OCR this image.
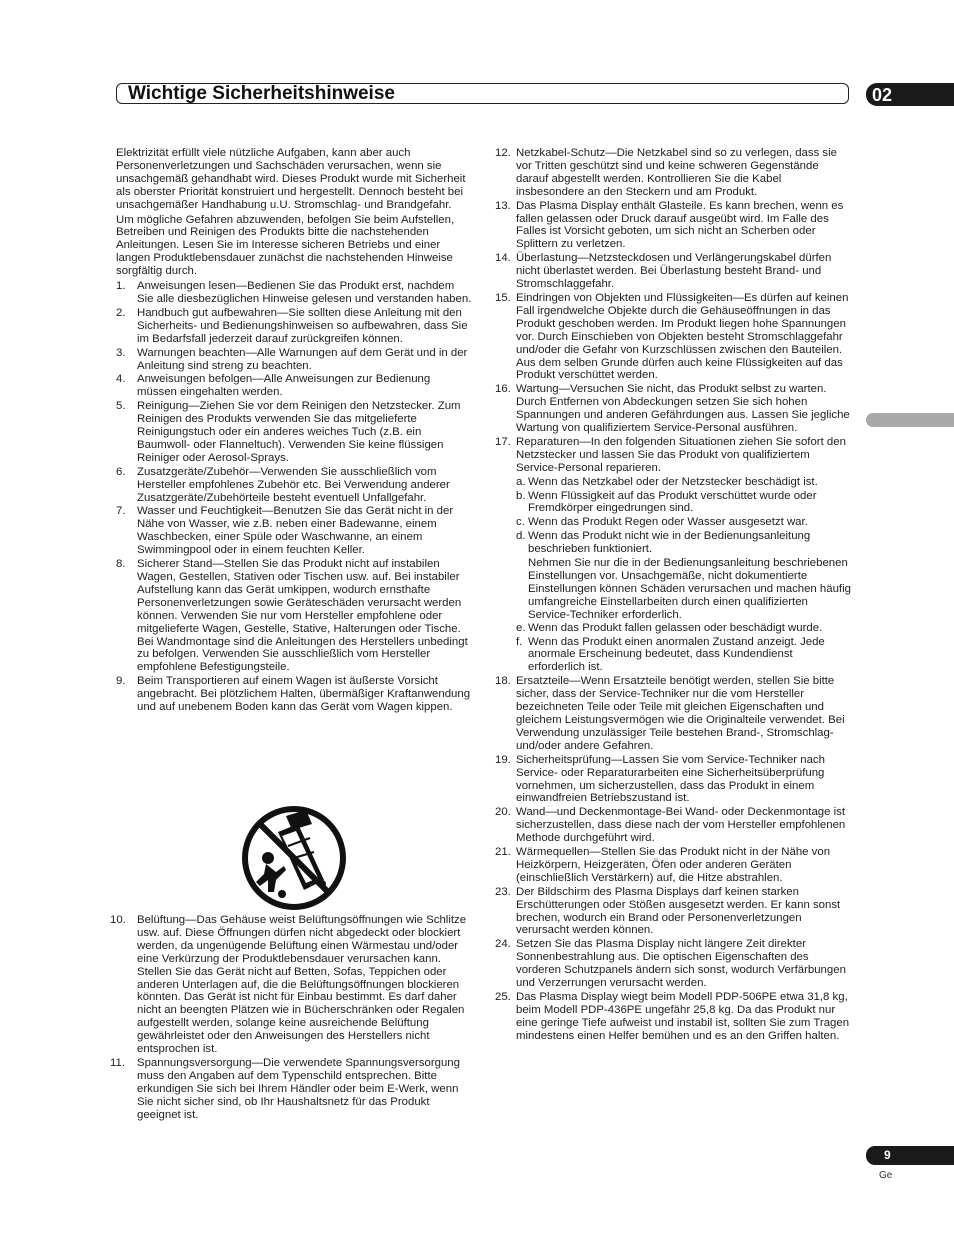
Wichtige Sicherheitshinweise	02

Elektrizität erfüllt viele nützliche Aufgaben, kann aber auch Personenverletzungen und Sachschäden verursachen, wenn sie unsachgemäß gehandhabt wird. Dieses Produkt wurde mit Sicherheit als oberster Priorität konstruiert und hergestellt. Dennoch besteht bei unsachgemäßer Handhabung u.U. Stromschlag- und Brandgefahr.

Um mögliche Gefahren abzuwenden, befolgen Sie beim Aufstellen, Betreiben und Reinigen des Produkts bitte die nachstehenden Anleitungen. Lesen Sie im Interesse sicheren Betriebs und einer langen Produktlebensdauer zunächst die nachstehenden Hinweise sorgfältig durch.

1. Anweisungen lesen—Bedienen Sie das Produkt erst, nachdem Sie alle diesbezüglichen Hinweise gelesen und verstanden haben.
2. Handbuch gut aufbewahren—Sie sollten diese Anleitung mit den Sicherheits- und Bedienungshinweisen so aufbewahren, dass Sie im Bedarfsfall jederzeit darauf zurückgreifen können.
3. Warnungen beachten—Alle Warnungen auf dem Gerät und in der Anleitung sind streng zu beachten.
4. Anweisungen befolgen—Alle Anweisungen zur Bedienung müssen eingehalten werden.
5. Reinigung—Ziehen Sie vor dem Reinigen den Netzstecker. Zum Reinigen des Produkts verwenden Sie das mitgelieferte Reinigungstuch oder ein anderes weiches Tuch (z.B. ein Baumwoll- oder Flanneltuch). Verwenden Sie keine flüssigen Reiniger oder Aerosol-Sprays.
6. Zusatzgeräte/Zubehör—Verwenden Sie ausschließlich vom Hersteller empfohlenes Zubehör etc. Bei Verwendung anderer Zusatzgeräte/Zubehörteile besteht eventuell Unfallgefahr.
7. Wasser und Feuchtigkeit—Benutzen Sie das Gerät nicht in der Nähe von Wasser, wie z.B. neben einer Badewanne, einem Waschbecken, einer Spüle oder Waschwanne, an einem Swimmingpool oder in einem feuchten Keller.
8. Sicherer Stand—Stellen Sie das Produkt nicht auf instabilen Wagen, Gestellen, Stativen oder Tischen usw. auf. Bei instabiler Aufstellung kann das Gerät umkippen, wodurch ernsthafte Personenverletzungen sowie Geräteschäden verursacht werden können. Verwenden Sie nur vom Hersteller empfohlene oder mitgelieferte Wagen, Gestelle, Stative, Halterungen oder Tische. Bei Wandmontage sind die Anleitungen des Herstellers unbedingt zu befolgen. Verwenden Sie ausschließlich vom Hersteller empfohlene Befestigungsteile.
9. Beim Transportieren auf einem Wagen ist äußerste Vorsicht angebracht. Bei plötzlichem Halten, übermäßiger Kraftanwendung und auf unebenem Boden kann das Gerät vom Wagen kippen.
10. Belüftung—Das Gehäuse weist Belüftungsöffnungen wie Schlitze usw. auf. Diese Öffnungen dürfen nicht abgedeckt oder blockiert werden, da ungenügende Belüftung einen Wärmestau und/oder eine Verkürzung der Produktlebensdauer verursachen kann. Stellen Sie das Gerät nicht auf Betten, Sofas, Teppichen oder anderen Unterlagen auf, die die Belüftungsöffnungen blockieren könnten. Das Gerät ist nicht für Einbau bestimmt. Es darf daher nicht an beengten Plätzen wie in Bücherschränken oder Regalen aufgestellt werden, solange keine ausreichende Belüftung gewährleistet oder den Anweisungen des Herstellers nicht entsprochen ist.
11. Spannungsversorgung—Die verwendete Spannungsversorgung muss den Angaben auf dem Typenschild entsprechen. Bitte erkundigen Sie sich bei Ihrem Händler oder beim E-Werk, wenn Sie nicht sicher sind, ob Ihr Haushaltsnetz für das Produkt geeignet ist.
12. Netzkabel-Schutz—Die Netzkabel sind so zu verlegen, dass sie vor Tritten geschützt sind und keine schweren Gegenstände darauf abgestellt werden. Kontrollieren Sie die Kabel insbesondere an den Steckern und am Produkt.
13. Das Plasma Display enthält Glasteile. Es kann brechen, wenn es fallen gelassen oder Druck darauf ausgeübt wird. Im Falle des Falles ist Vorsicht geboten, um sich nicht an Scherben oder Splittern zu verletzen.
14. Überlastung—Netzsteckdosen und Verlängerungskabel dürfen nicht überlastet werden. Bei Überlastung besteht Brand- und Stromschlaggefahr.
15. Eindringen von Objekten und Flüssigkeiten—Es dürfen auf keinen Fall irgendwelche Objekte durch die Gehäuseöffnungen in das Produkt geschoben werden. Im Produkt liegen hohe Spannungen vor. Durch Einschieben von Objekten besteht Stromschlaggefahr und/oder die Gefahr von Kurzschlüssen zwischen den Bauteilen. Aus dem selben Grunde dürfen auch keine Flüssigkeiten auf das Produkt verschüttet werden.
16. Wartung—Versuchen Sie nicht, das Produkt selbst zu warten. Durch Entfernen von Abdeckungen setzen Sie sich hohen Spannungen und anderen Gefährdungen aus. Lassen Sie jegliche Wartung von qualifiziertem Service-Personal ausführen.
17. Reparaturen—In den folgenden Situationen ziehen Sie sofort den Netzstecker und lassen Sie das Produkt von qualifiziertem Service-Personal reparieren.
a. Wenn das Netzkabel oder der Netzstecker beschädigt ist.
b. Wenn Flüssigkeit auf das Produkt verschüttet wurde oder Fremdkörper eingedrungen sind.
c. Wenn das Produkt Regen oder Wasser ausgesetzt war.
d. Wenn das Produkt nicht wie in der Bedienungsanleitung beschrieben funktioniert.
Nehmen Sie nur die in der Bedienungsanleitung beschriebenen Einstellungen vor. Unsachgemäße, nicht dokumentierte Einstellungen können Schäden verursachen und machen häufig umfangreiche Einstellarbeiten durch einen qualifizierten Service-Techniker erforderlich.
e. Wenn das Produkt fallen gelassen oder beschädigt wurde.
f. Wenn das Produkt einen anormalen Zustand anzeigt. Jede anormale Erscheinung bedeutet, dass Kundendienst erforderlich ist.
18. Ersatzteile—Wenn Ersatzteile benötigt werden, stellen Sie bitte sicher, dass der Service-Techniker nur die vom Hersteller bezeichneten Teile oder Teile mit gleichen Eigenschaften und gleichem Leistungsvermögen wie die Originalteile verwendet. Bei Verwendung unzulässiger Teile bestehen Brand-, Stromschlag- und/oder andere Gefahren.
19. Sicherheitsprüfung—Lassen Sie vom Service-Techniker nach Service- oder Reparaturarbeiten eine Sicherheitsüberprüfung vornehmen, um sicherzustellen, dass das Produkt in einem einwandfreien Betriebszustand ist.
20. Wand—und Deckenmontage-Bei Wand- oder Deckenmontage ist sicherzustellen, dass diese nach der vom Hersteller empfohlenen Methode durchgeführt wird.
21. Wärmequellen—Stellen Sie das Produkt nicht in der Nähe von Heizkörpern, Heizgeräten, Öfen oder anderen Geräten (einschließlich Verstärkern) auf, die Hitze abstrahlen.
23. Der Bildschirm des Plasma Displays darf keinen starken Erschütterungen oder Stößen ausgesetzt werden. Er kann sonst brechen, wodurch ein Brand oder Personenverletzungen verursacht werden können.
24. Setzen Sie das Plasma Display nicht längere Zeit direkter Sonnenbestrahlung aus. Die optischen Eigenschaften des vorderen Schutzpanels ändern sich sonst, wodurch Verfärbungen und Verzerrungen verursacht werden.
25. Das Plasma Display wiegt beim Modell PDP-506PE etwa 31,8 kg, beim Modell PDP-436PE ungefähr 25,8 kg. Da das Produkt nur eine geringe Tiefe aufweist und instabil ist, sollten Sie zum Tragen mindestens einen Helfer bemühen und es an den Griffen halten.
9
Ge
